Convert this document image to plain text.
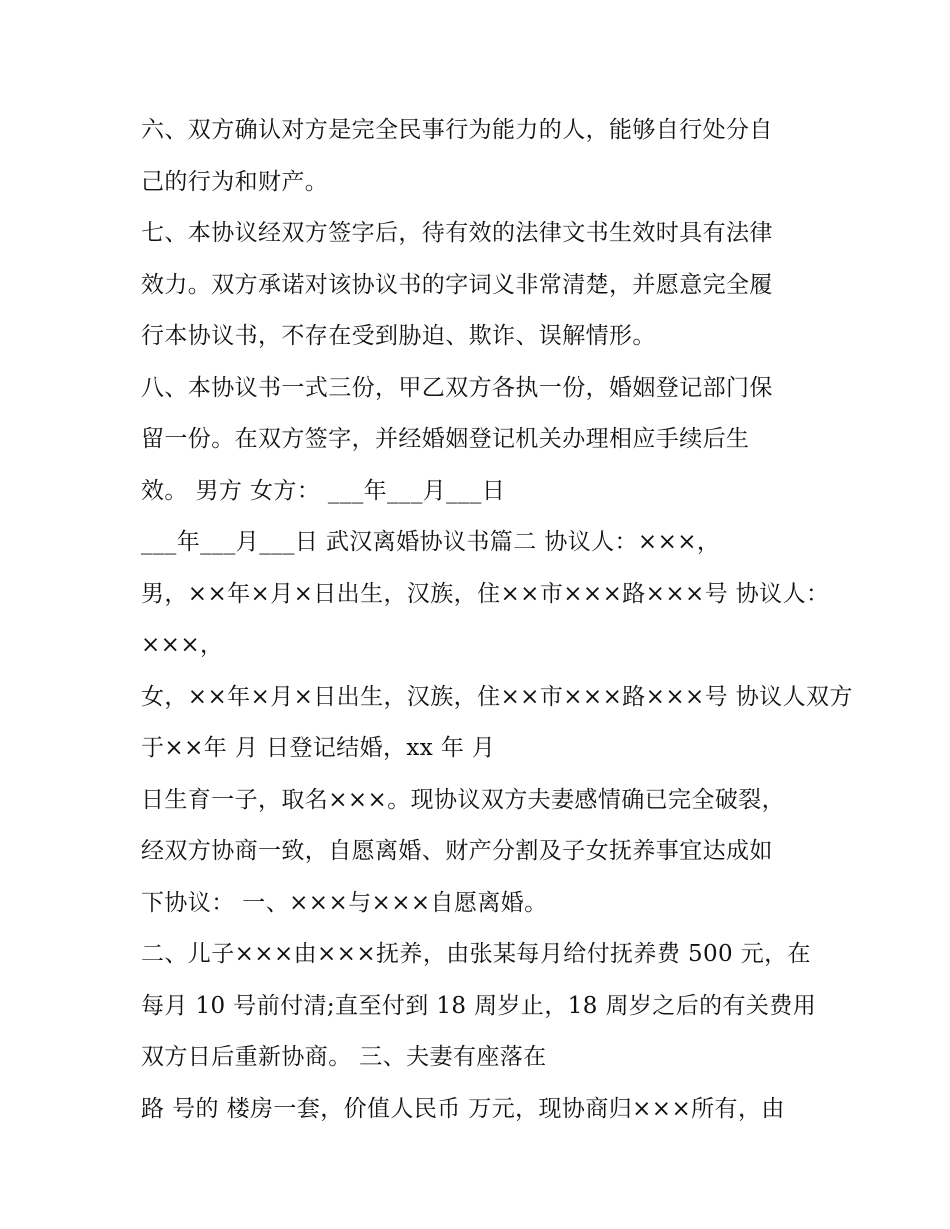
六、双方确认对方是完全民事行为能力的人，能够自行处分自
己的行为和财产。
七、本协议经双方签字后，待有效的法律文书生效时具有法律
效力。双方承诺对该协议书的字词义非常清楚，并愿意完全履
行本协议书，不存在受到胁迫、欺诈、误解情形。
八、本协议书一式三份，甲乙双方各执一份，婚姻登记部门保
留一份。在双方签字，并经婚姻登记机关办理相应手续后生
效。 男方 女方： ___年___月___日
___年___月___日 武汉离婚协议书篇二 协议人：×××，
男，××年×月×日出生，汉族，住××市×××路×××号 协议人：
×××，
女，××年×月×日出生，汉族，住××市×××路×××号 协议人双方
于××年 月 日登记结婚，xx 年 月
日生育一子，取名×××。现协议双方夫妻感情确已完全破裂，
经双方协商一致，自愿离婚、财产分割及子女抚养事宜达成如
下协议： 一、×××与×××自愿离婚。
二、儿子×××由×××抚养，由张某每月给付抚养费 500 元，在
每月 10 号前付清;直至付到 18 周岁止，18 周岁之后的有关费用
双方日后重新协商。 三、夫妻有座落在
路 号的 楼房一套，价值人民币 万元，现协商归×××所有，由
